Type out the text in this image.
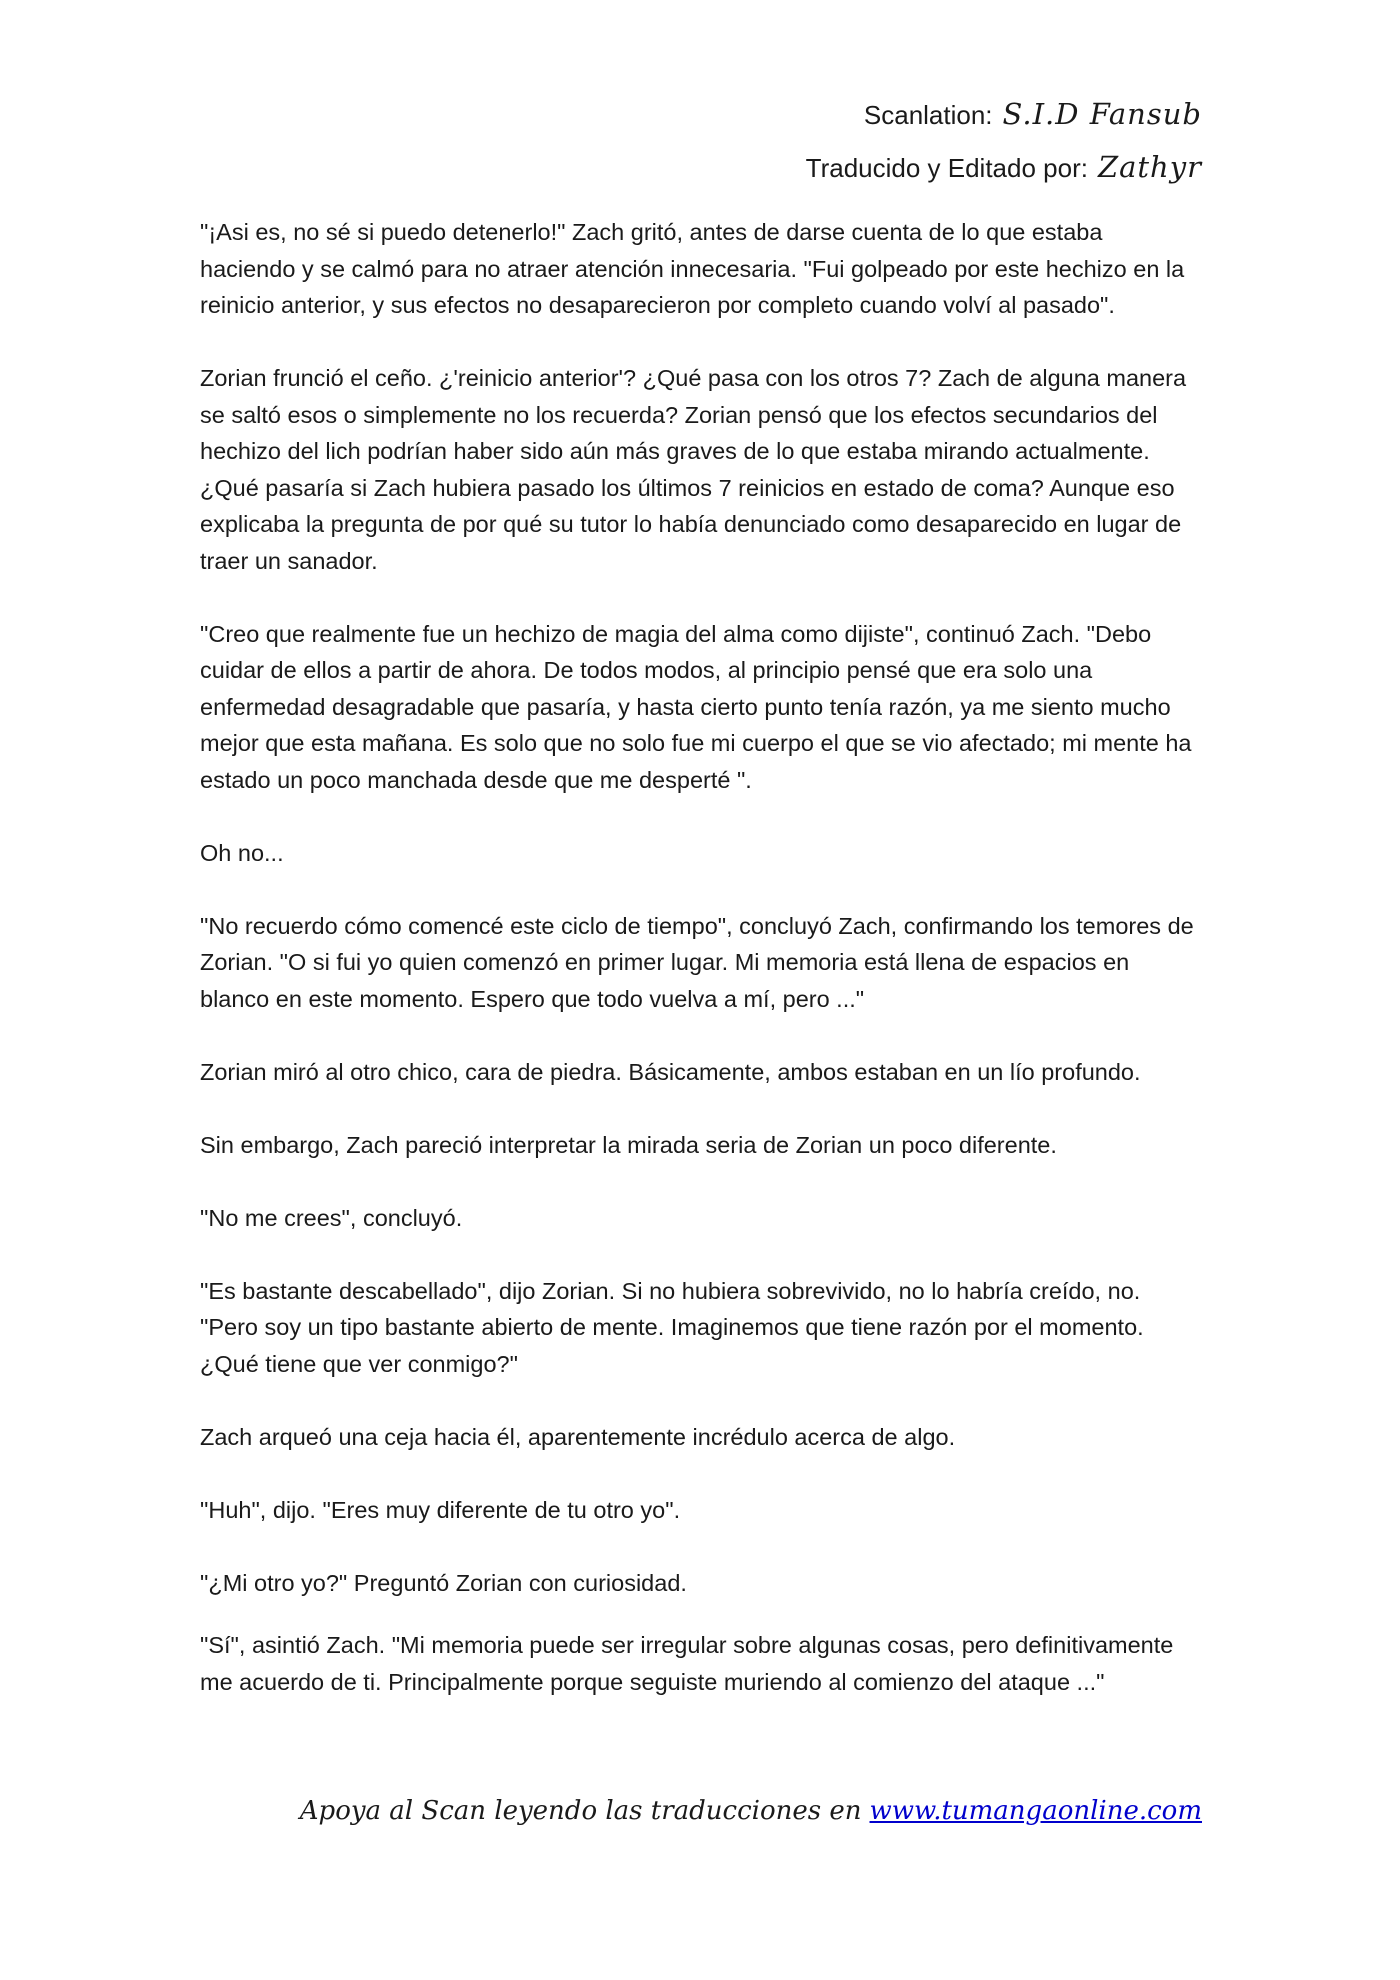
Scanlation: S.I.D Fansub
Traducido y Editado por: Zathyr

"¡Asi es, no sé si puedo detenerlo!" Zach gritó, antes de darse cuenta de lo que estaba haciendo y se calmó para no atraer atención innecesaria. "Fui golpeado por este hechizo en la reinicio anterior, y sus efectos no desaparecieron por completo cuando volví al pasado".

Zorian frunció el ceño. ¿'reinicio anterior'? ¿Qué pasa con los otros 7? Zach de alguna manera se saltó esos o simplemente no los recuerda? Zorian pensó que los efectos secundarios del hechizo del lich podrían haber sido aún más graves de lo que estaba mirando actualmente. ¿Qué pasaría si Zach hubiera pasado los últimos 7 reinicios en estado de coma? Aunque eso explicaba la pregunta de por qué su tutor lo había denunciado como desaparecido en lugar de traer un sanador.

"Creo que realmente fue un hechizo de magia del alma como dijiste", continuó Zach. "Debo cuidar de ellos a partir de ahora. De todos modos, al principio pensé que era solo una enfermedad desagradable que pasaría, y hasta cierto punto tenía razón, ya me siento mucho mejor que esta mañana. Es solo que no solo fue mi cuerpo el que se vio afectado; mi mente ha estado un poco manchada desde que me desperté ".

Oh no...

"No recuerdo cómo comencé este ciclo de tiempo", concluyó Zach, confirmando los temores de Zorian. "O si fui yo quien comenzó en primer lugar. Mi memoria está llena de espacios en blanco en este momento. Espero que todo vuelva a mí, pero ..."

Zorian miró al otro chico, cara de piedra. Básicamente, ambos estaban en un lío profundo.

Sin embargo, Zach pareció interpretar la mirada seria de Zorian un poco diferente.

"No me crees", concluyó.

"Es bastante descabellado", dijo Zorian. Si no hubiera sobrevivido, no lo habría creído, no. "Pero soy un tipo bastante abierto de mente. Imaginemos que tiene razón por el momento. ¿Qué tiene que ver conmigo?"

Zach arqueó una ceja hacia él, aparentemente incrédulo acerca de algo.

"Huh", dijo. "Eres muy diferente de tu otro yo".

"¿Mi otro yo?" Preguntó Zorian con curiosidad.

"Sí", asintió Zach. "Mi memoria puede ser irregular sobre algunas cosas, pero definitivamente me acuerdo de ti. Principalmente porque seguiste muriendo al comienzo del ataque ..."

Apoya al Scan leyendo las traducciones en www.tumangaonline.com
